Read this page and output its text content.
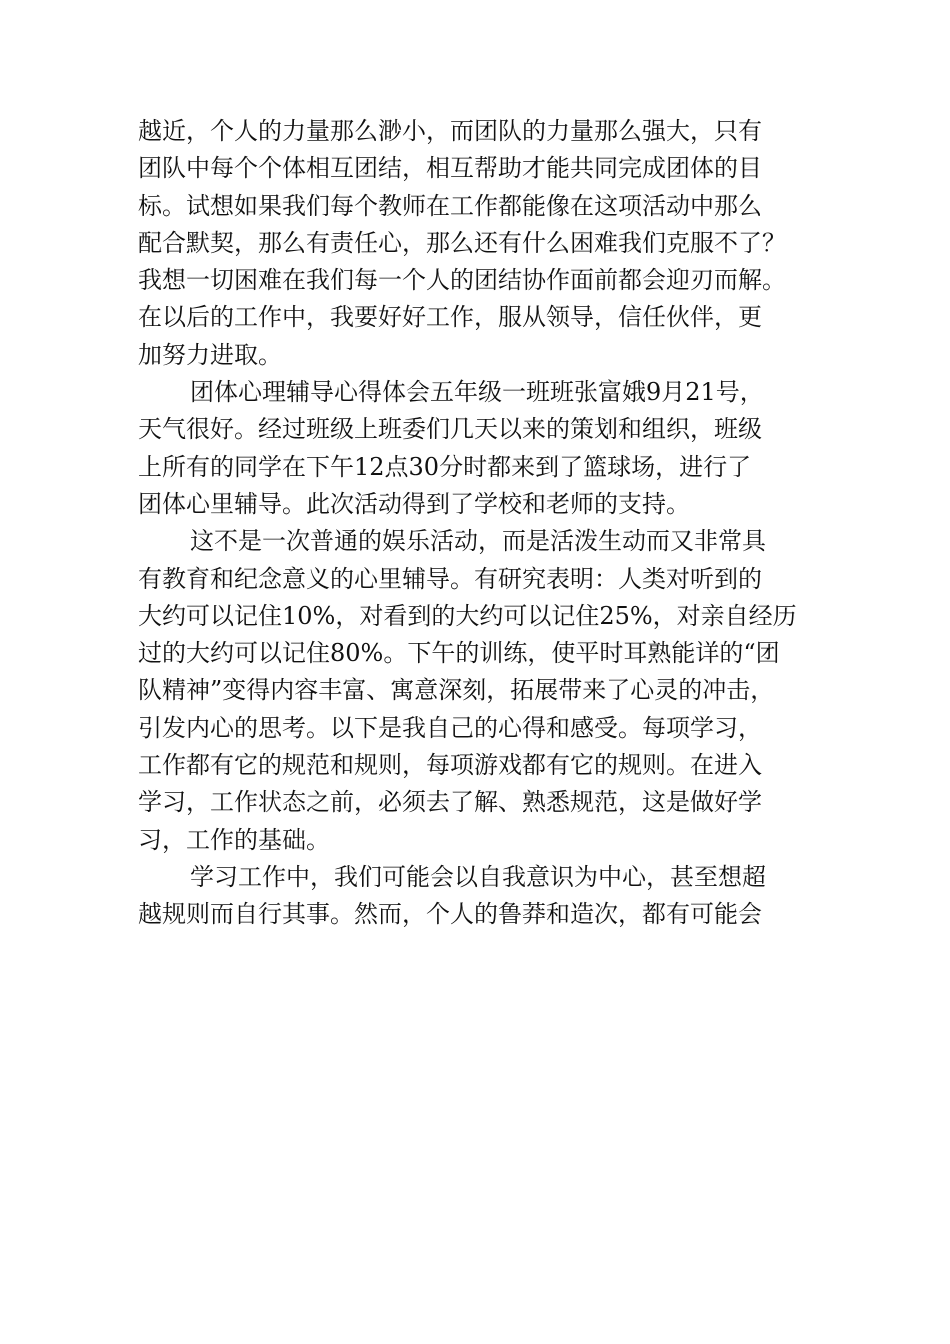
越近，个人的力量那么渺小，而团队的力量那么强大，只有
团队中每个个体相互团结，相互帮助才能共同完成团体的目
标。试想如果我们每个教师在工作都能像在这项活动中那么
配合默契，那么有责任心，那么还有什么困难我们克服不了？
我想一切困难在我们每一个人的团结协作面前都会迎刃而解。
在以后的工作中，我要好好工作，服从领导，信任伙伴，更
加努力进取。
团体心理辅导心得体会五年级一班班张富娥9月21号，
天气很好。经过班级上班委们几天以来的策划和组织，班级
上所有的同学在下午12点30分时都来到了篮球场，进行了
团体心里辅导。此次活动得到了学校和老师的支持。
这不是一次普通的娱乐活动，而是活泼生动而又非常具
有教育和纪念意义的心里辅导。有研究表明：人类对听到的
大约可以记住10%，对看到的大约可以记住25%，对亲自经历
过的大约可以记住80%。下午的训练，使平时耳熟能详的“团
队精神”变得内容丰富、寓意深刻，拓展带来了心灵的冲击，
引发内心的思考。以下是我自己的心得和感受。每项学习，
工作都有它的规范和规则，每项游戏都有它的规则。在进入
学习，工作状态之前，必须去了解、熟悉规范，这是做好学
习，工作的基础。
学习工作中，我们可能会以自我意识为中心，甚至想超
越规则而自行其事。然而，个人的鲁莽和造次，都有可能会
